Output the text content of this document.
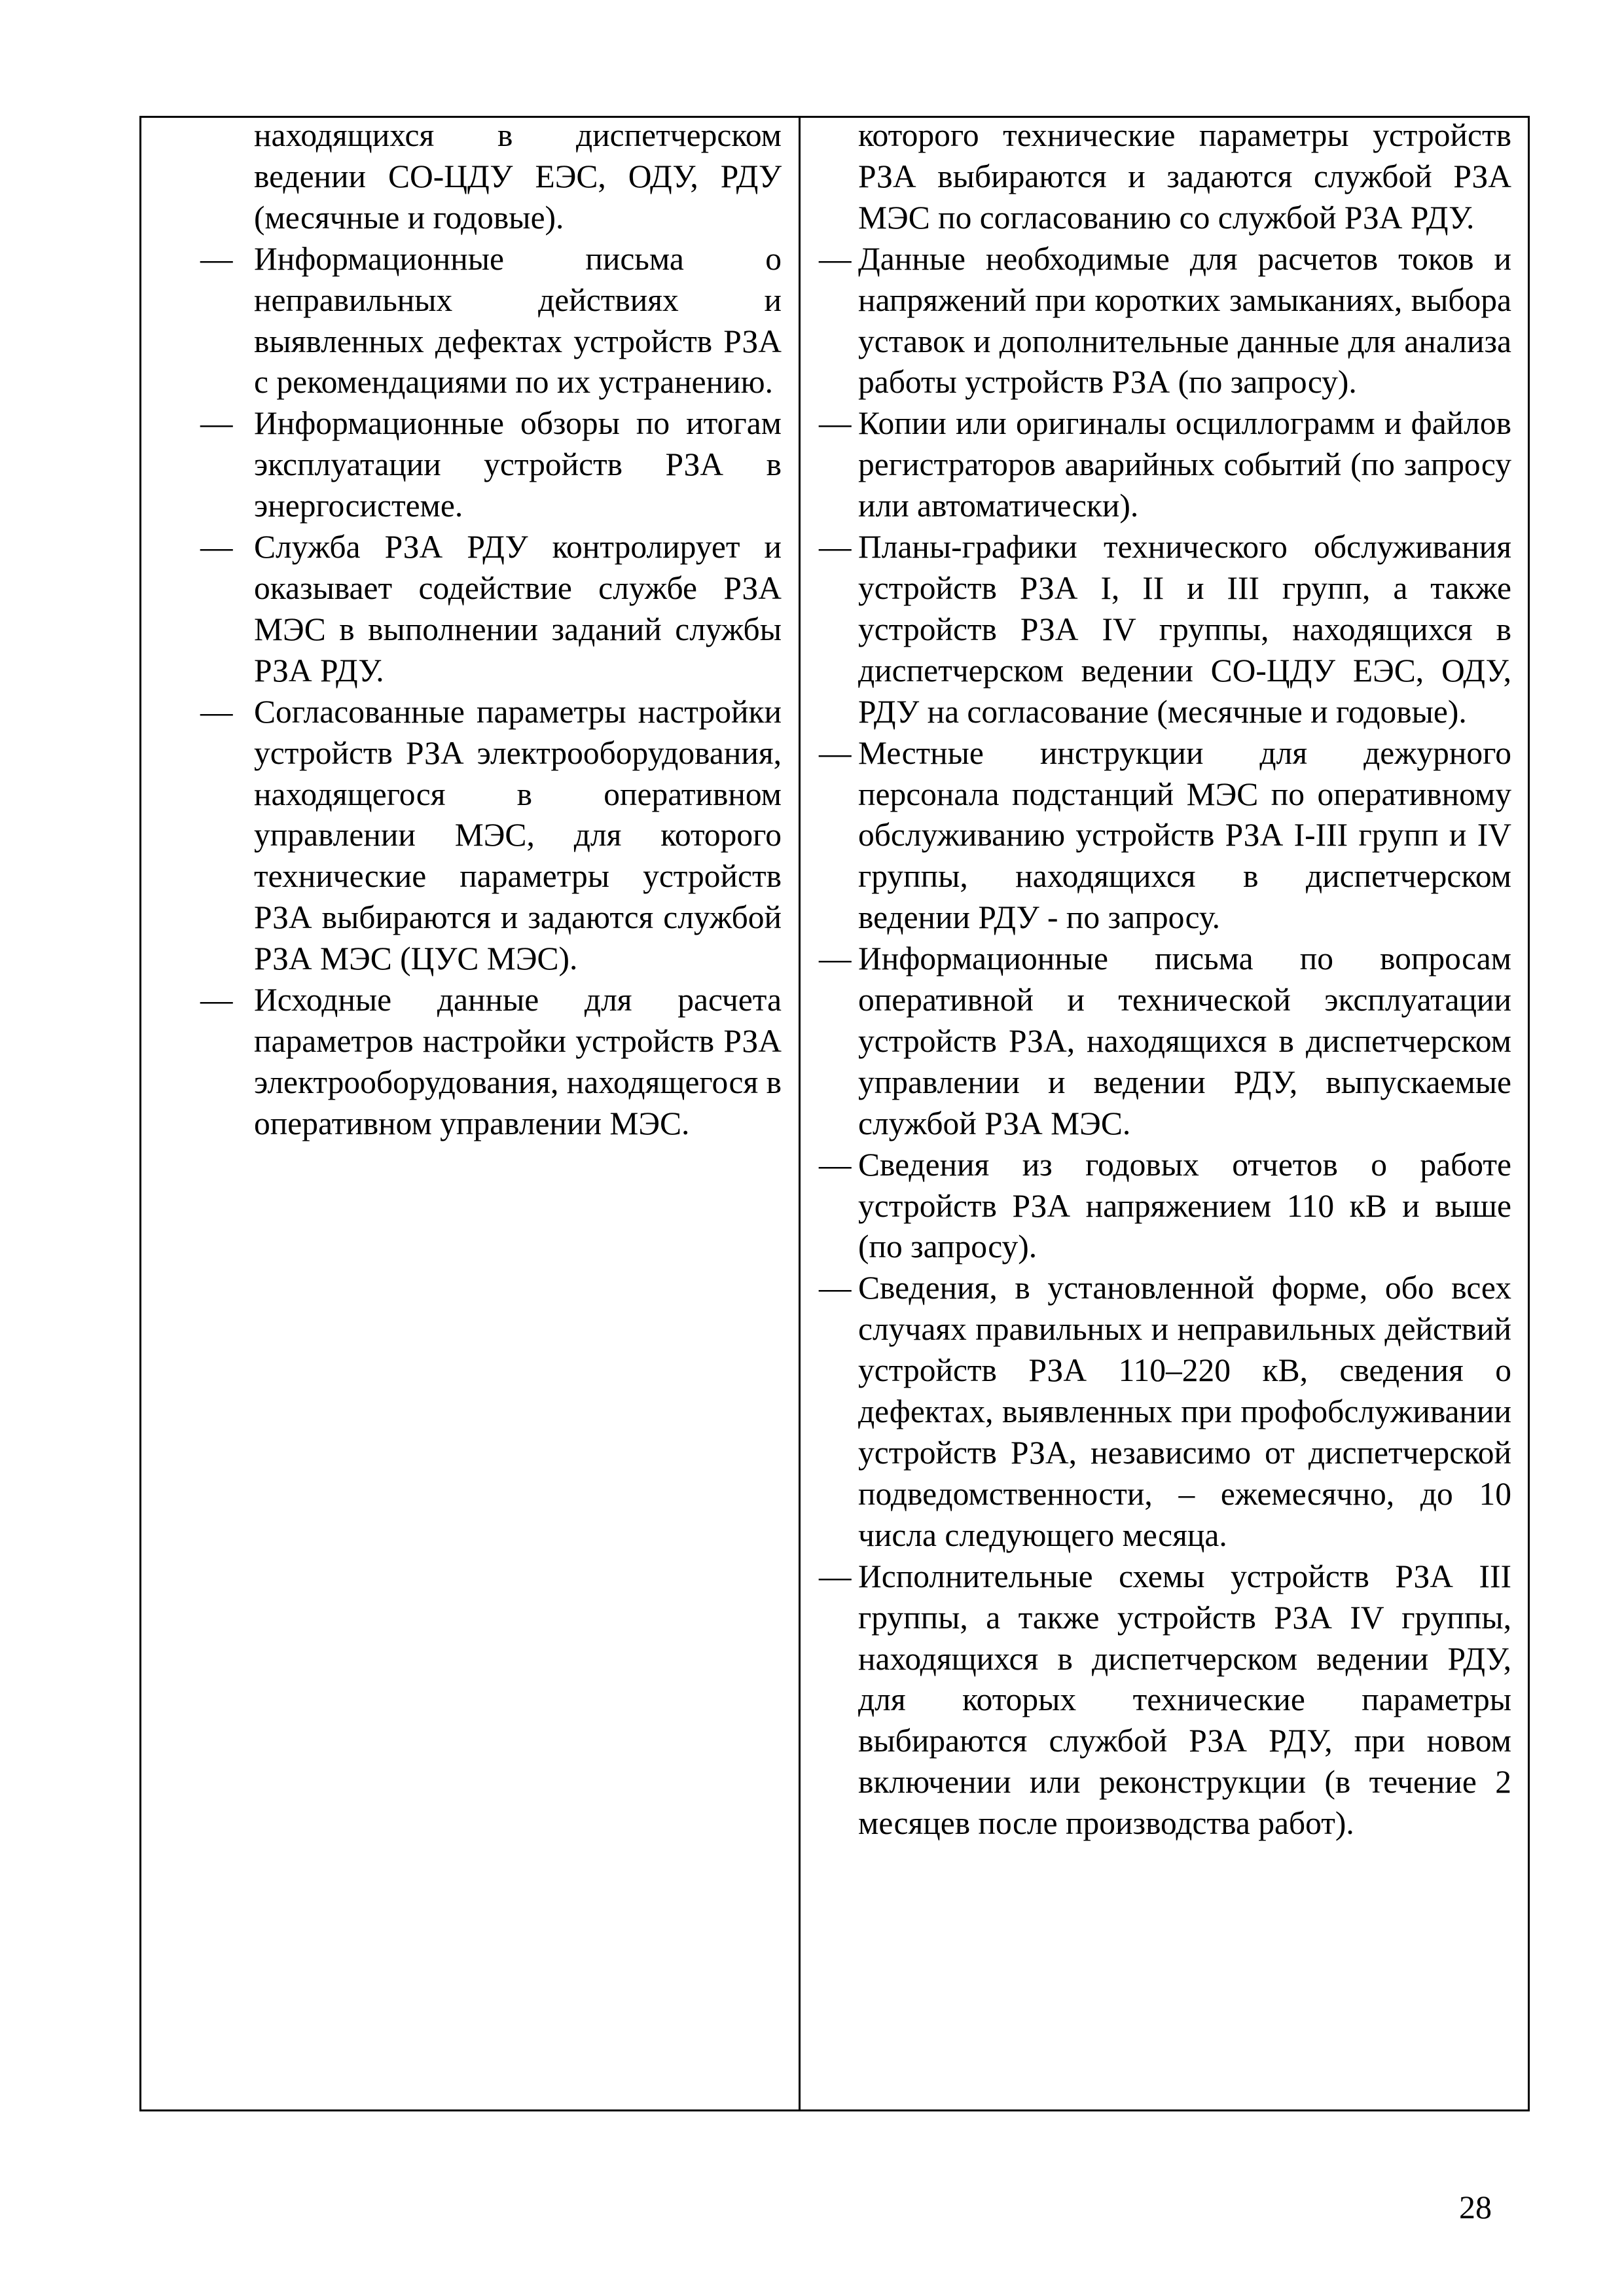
находящихся в диспетчерском ведении СО-ЦДУ ЕЭС, ОДУ, РДУ (месячные и годовые).

— Информационные письма о неправильных действиях и выявленных дефектах устройств РЗА с рекомендациями по их устранению.
— Информационные обзоры по итогам эксплуатации устройств РЗА в энергосистеме.
— Служба РЗА РДУ контролирует и оказывает содействие службе РЗА МЭС в выполнении заданий службы РЗА РДУ.
— Согласованные параметры настройки устройств РЗА электрооборудования, находящегося в оперативном управлении МЭС, для которого технические параметры устройств РЗА выбираются и задаются службой РЗА МЭС (ЦУС МЭС).
— Исходные данные для расчета параметров настройки устройств РЗА электрооборудования, находящегося в оперативном управлении МЭС.

которого технические параметры устройств РЗА выбираются и задаются службой РЗА МЭС по согласованию со службой РЗА РДУ.

— Данные необходимые для расчетов токов и напряжений при коротких замыканиях, выбора уставок и дополнительные данные для анализа работы устройств РЗА (по запросу).
— Копии или оригиналы осциллограмм и файлов регистраторов аварийных событий (по запросу или автоматически).
— Планы-графики технического обслуживания устройств РЗА I, II и III групп, а также устройств РЗА IV группы, находящихся в диспетчерском ведении СО-ЦДУ ЕЭС, ОДУ, РДУ на согласование (месячные и годовые).
— Местные инструкции для дежурного персонала подстанций МЭС по оперативному обслуживанию устройств РЗА I-III групп и IV группы, находящихся в диспетчерском ведении РДУ - по запросу.
— Информационные письма по вопросам оперативной и технической эксплуатации устройств РЗА, находящихся в диспетчерском управлении и ведении РДУ, выпускаемые службой РЗА МЭС.
— Сведения из годовых отчетов о работе устройств РЗА напряжением 110 кВ и выше (по запросу).
— Сведения, в установленной форме, обо всех случаях правильных и неправильных действий устройств РЗА 110–220 кВ, сведения о дефектах, выявленных при профобслуживании устройств РЗА, независимо от диспетчерской подведомственности, – ежемесячно, до 10 числа следующего месяца.
— Исполнительные схемы устройств РЗА III группы, а также устройств РЗА IV группы, находящихся в диспетчерском ведении РДУ, для которых технические параметры выбираются службой РЗА РДУ, при новом включении или реконструкции (в течение 2 месяцев после производства работ).
28
